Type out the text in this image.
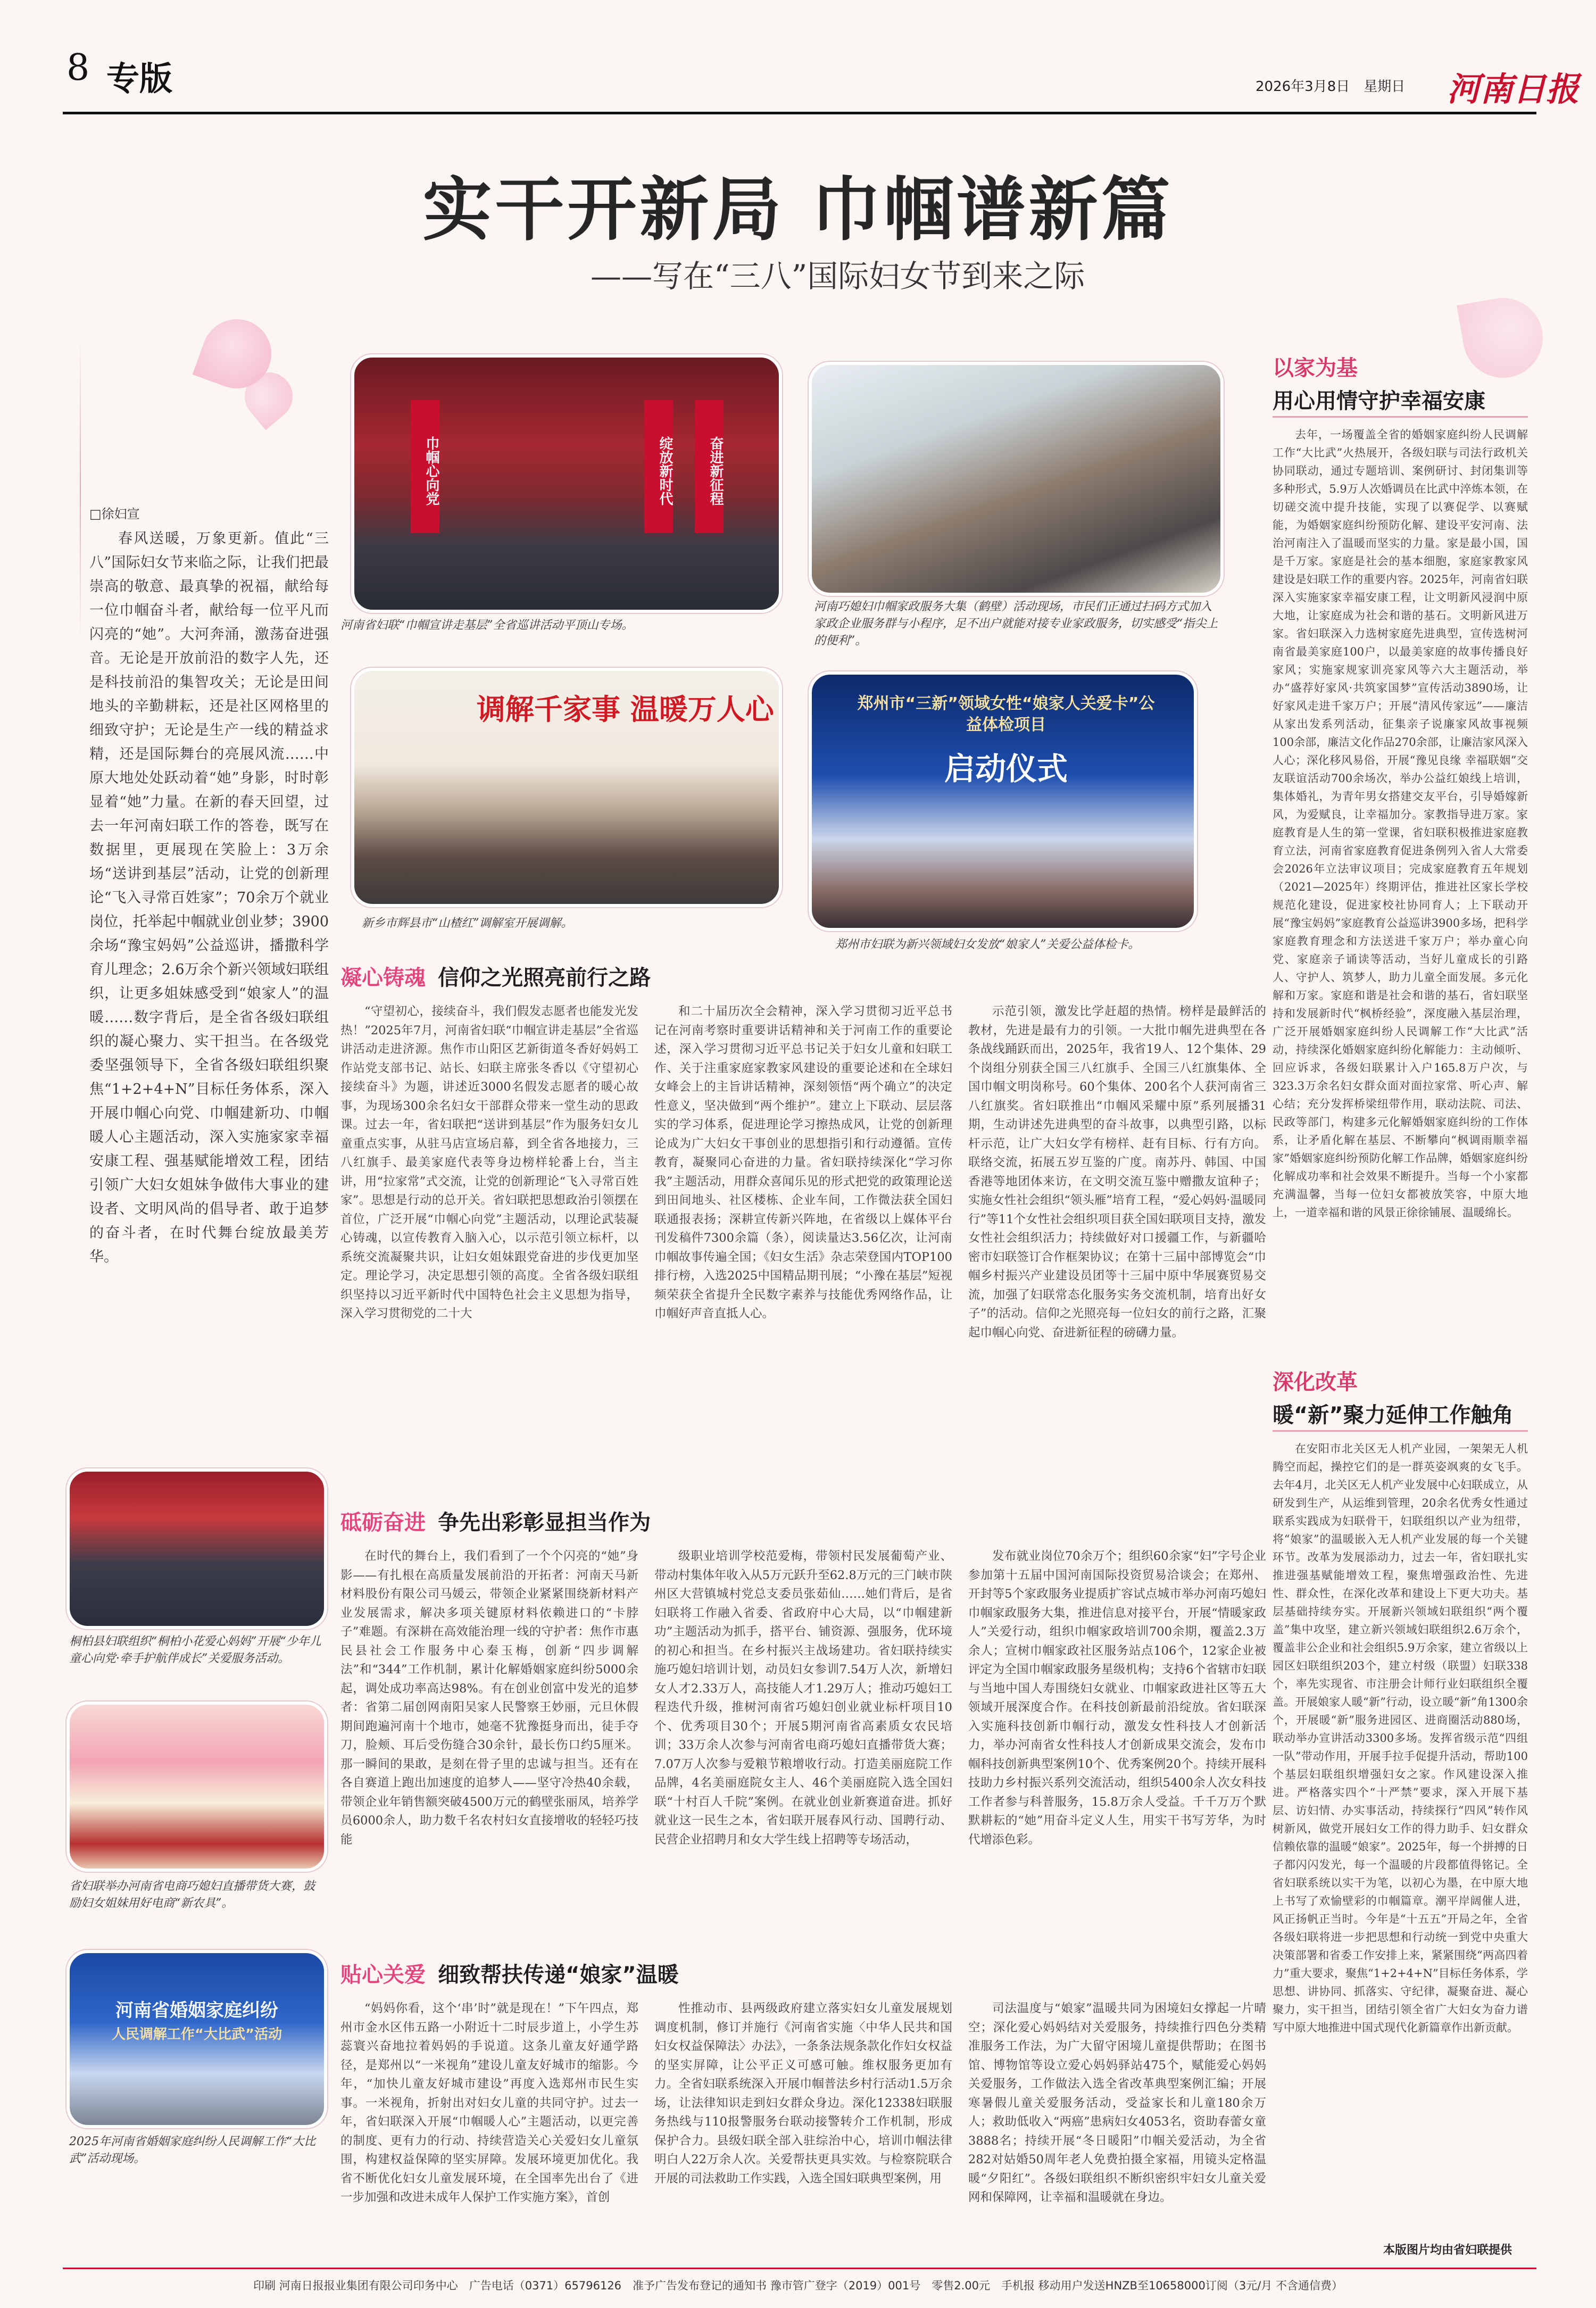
8 专版	2026年3月8日　星期日 河南日报
实干开新局 巾帼谱新篇
——写在“三八”国际妇女节到来之际
□徐妇宣

春风送暖，万象更新。值此“三八”国际妇女节来临之际，让我们把最崇高的敬意、最真挚的祝福，献给每一位巾帼奋斗者，献给每一位平凡而闪亮的“她”。大河奔涌，激荡奋进强音。无论是开放前沿的数字人先，还是科技前沿的集智攻关；无论是田间地头的辛勤耕耘，还是社区网格里的细致守护；无论是生产一线的精益求精，还是国际舞台的亮展风流……中原大地处处跃动着“她”身影，时时彰显着“她”力量。在新的春天回望，过去一年河南妇联工作的答卷，既写在数据里，更展现在笑脸上：3万余场“送讲到基层”活动，让党的创新理论“飞入寻常百姓家”；70余万个就业岗位，托举起中帼就业创业梦；3900余场“豫宝妈妈”公益巡讲，播撒科学育儿理念；2.6万余个新兴领域妇联组织，让更多姐妹感受到“娘家人”的温暖……数字背后，是全省各级妇联组织的凝心聚力、实干担当。在各级党委坚强领导下，全省各级妇联组织聚焦“1+2+4+N”目标任务体系，深入开展巾帼心向党、巾帼建新功、巾帼暖人心主题活动，深入实施家家幸福安康工程、强基赋能增效工程，团结引领广大妇女姐妹争做伟大事业的建设者、文明风尚的倡导者、敢于追梦的奋斗者，在时代舞台绽放最美芳华。

巾帼心向党	绽放新时代	奋进新征程
河南省妇联“巾帼宣讲走基层”全省巡讲活动平顶山专场。
河南巧媳妇巾帼家政服务大集（鹤壁）活动现场，市民们正通过扫码方式加入家政企业服务群与小程序，足不出户就能对接专业家政服务，切实感受“指尖上的便利”。
调解千家事 温暖万人心
新乡市辉县市“山楂红”调解室开展调解。
郑州市“三新”领域女性“娘家人关爱卡”公益体检项目
启动仪式
郑州市妇联为新兴领域妇女发放“娘家人”关爱公益体检卡。
凝心铸魂 信仰之光照亮前行之路

“守望初心，接续奋斗，我们假发志愿者也能发光发热！”2025年7月，河南省妇联“巾帼宣讲走基层”全省巡讲活动走进济源。焦作市山阳区艺新街道冬香好妈妈工作站党支部书记、站长、妇联主席张冬香以《守望初心 接续奋斗》为题，讲述近3000名假发志愿者的暖心故事，为现场300余名妇女干部群众带来一堂生动的思政课。过去一年，省妇联把“送讲到基层”作为服务妇女儿童重点实事，从驻马店宣场启幕，到全省各地接力，三八红旗手、最美家庭代表等身边榜样轮番上台，当主讲，用“拉家常”式交流，让党的创新理论“飞入寻常百姓家”。思想是行动的总开关。省妇联把思想政治引领摆在首位，广泛开展“巾帼心向党”主题活动，以理论武装凝心铸魂，以宣传教育入脑入心，以示范引领立标杆，以系统交流凝聚共识，让妇女姐妹跟党奋进的步伐更加坚定。理论学习，决定思想引领的高度。全省各级妇联组织坚持以习近平新时代中国特色社会主义思想为指导，深入学习贯彻党的二十大

和二十届历次全会精神，深入学习贯彻习近平总书记在河南考察时重要讲话精神和关于河南工作的重要论述，深入学习贯彻习近平总书记关于妇女儿童和妇联工作、关于注重家庭家教家风建设的重要论述和在全球妇女峰会上的主旨讲话精神，深刻领悟“两个确立”的决定性意义，坚决做到“两个维护”。建立上下联动、层层落实的学习体系，促进理论学习擦热成风，让党的创新理论成为广大妇女干事创业的思想指引和行动遵循。宣传教育，凝聚同心奋进的力量。省妇联持续深化“学习你我”主题活动，用群众喜闻乐见的形式把党的政策理论送到田间地头、社区楼栋、企业车间，工作微法获全国妇联通报表扬；深耕宣传新兴阵地，在省级以上媒体平台刊发稿件7300余篇（条），阅读量达3.56亿次，让河南巾帼故事传遍全国；《妇女生活》杂志荣登国内TOP100排行榜，入选2025中国精品期刊展；“小豫在基层”短视频荣获全省提升全民数字素养与技能优秀网络作品，让巾帼好声音直抵人心。

示范引领，激发比学赶超的热情。榜样是最鲜活的教材，先进是最有力的引领。一大批巾帼先进典型在各条战线踊跃而出，2025年，我省19人、12个集体、29个岗组分别获全国三八红旗手、全国三八红旗集体、全国巾帼文明岗称号。60个集体、200名个人获河南省三八红旗奖。省妇联推出“巾帼风采耀中原”系列展播31期，生动讲述先进典型的奋斗故事，以典型引路，以标杆示范，让广大妇女学有榜样、赶有目标、行有方向。联络交流，拓展五岁互鉴的广度。南苏丹、韩国、中国香港等地团体来访，在文明交流互鉴中赠撒友谊种子；实施女性社会组织“领头雁”培育工程，“爱心妈妈·温暖同行”等11个女性社会组织项目获全国妇联项目支持，激发女性社会组织活力；持续做好对口援疆工作，与新疆哈密市妇联签订合作框架协议；在第十三届中部博览会“巾帼乡村振兴产业建设员团等十三届中原中华展赛贸易交流，加强了妇联常态化服务实务交流机制，培育出好女子”的活动。信仰之光照亮每一位妇女的前行之路，汇聚起巾帼心向党、奋进新征程的磅礴力量。

砥砺奋进 争先出彩彰显担当作为

在时代的舞台上，我们看到了一个个闪亮的“她”身影——有扎根在高质量发展前沿的开拓者：河南天马新材料股份有限公司马媛云，带领企业紧紧围绕新材料产业发展需求，解决多项关键原材料依赖进口的“卡脖子”难题。有深耕在高效能治理一线的守护者：焦作市惠民县社会工作服务中心秦玉梅，创新“四步调解法”和“344”工作机制，累计化解婚姻家庭纠纷5000余起，调处成功率高达98%。有在创业创富中发光的追梦者：省第二届创网南阳吴家人民警察王妙丽，元旦休假期间跑遍河南十个地市，她毫不犹豫挺身而出，徒手夺刀，脸颊、耳后受伤缝合30余针，最长伤口约5厘米。那一瞬间的果敢，是刻在骨子里的忠诚与担当。还有在各自赛道上跑出加速度的追梦人——坚守冷热40余载，带领企业年销售额突破4500万元的鹤壁张丽凤，培养学员6000余人，助力数千名农村妇女直接增收的轻轻巧技能

级职业培训学校范爱梅，带领村民发展葡萄产业、带动村集体年收入从5万元跃升至62.8万元的三门峡市陕州区大营镇城村党总支委员张茹仙……她们背后，是省妇联将工作融入省委、省政府中心大局，以“巾帼建新功”主题活动为抓手，搭平台、铺资源、强服务，优环境的初心和担当。在乡村振兴主战场建功。省妇联持续实施巧媳妇培训计划，动员妇女参训7.54万人次，新增妇女人才2.33万人，高技能人才1.29万人；推动巧媳妇工程迭代升级，推树河南省巧媳妇创业就业标杆项目10个、优秀项目30个；开展5期河南省高素质女农民培训；33万余人次参与河南省电商巧媳妇直播带货大赛；7.07万人次参与爱粮节粮增收行动。打造美丽庭院工作品牌，4名美丽庭院女主人、46个美丽庭院入选全国妇联“十村百人千院”案例。在就业创业新赛道奋进。抓好就业这一民生之本，省妇联开展春风行动、国聘行动、民营企业招聘月和女大学生线上招聘等专场活动，

发布就业岗位70余万个；组织60余家“妇”字号企业参加第十五届中国河南国际投资贸易洽谈会；在郑州、开封等5个家政服务业提质扩容试点城市举办河南巧媳妇巾帼家政服务大集，推进信息对接平台，开展“情暖家政人”关爱行动，组织巾帼家政培训700余期，覆盖2.3万余人；宣树巾帼家政社区服务站点106个，12家企业被评定为全国巾帼家政服务星级机构；支持6个省辖市妇联与当地中国人寿围绕妇女就业、巾帼家政进社区等五大领域开展深度合作。在科技创新最前沿绽放。省妇联深入实施科技创新巾帼行动，激发女性科技人才创新活力，举办河南省女性科技人才创新成果交流会，发布巾帼科技创新典型案例10个、优秀案例20个。持续开展科技助力乡村振兴系列交流活动，组织5400余人次女科技工作者参与科普服务，15.8万余人受益。千千万万个默默耕耘的“她”用奋斗定义人生，用实干书写芳华，为时代增添色彩。

贴心关爱 细致帮扶传递“娘家”温暖

“妈妈你看，这个‘串’时”就是现在！”下午四点，郑州市金水区伟五路一小附近十二时辰步道上，小学生苏蕊寰兴奋地拉着妈妈的手说道。这条儿童友好通学路径，是郑州以“一米视角”建设儿童友好城市的缩影。今年，“加快儿童友好城市建设”再度入选郑州市民生实事。一米视角，折射出对妇女儿童的共同守护。过去一年，省妇联深入开展“巾帼暖人心”主题活动，以更完善的制度、更有力的行动、持续营造关心关爱妇女儿童氛围，构建权益保障的坚实屏障。发展环境更加优化。我省不断优化妇女儿童发展环境，在全国率先出台了《进一步加强和改进未成年人保护工作实施方案》，首创

性推动市、县两级政府建立落实妇女儿童发展规划调度机制，修订并施行《河南省实施〈中华人民共和国妇女权益保障法〉办法》，一条条法规条款化作妇女权益的坚实屏障，让公平正义可感可触。维权服务更加有力。全省妇联系统深入开展巾帼普法乡村行活动1.5万余场，让法律知识走到妇女群众身边。深化12338妇联服务热线与110报警服务台联动接警转介工作机制，形成保护合力。县级妇联全部入驻综治中心，培训巾帼法律明白人22万余人次。关爱帮扶更具实效。与检察院联合开展的司法救助工作实践，入选全国妇联典型案例，用

司法温度与“娘家”温暖共同为困境妇女撑起一片晴空；深化爱心妈妈结对关爱服务，持续推行四色分类精准服务工作法，为广大留守困境儿童提供帮助；在图书馆、博物馆等设立爱心妈妈驿站475个，赋能爱心妈妈关爱服务，工作做法入选全省改革典型案例汇编；开展寒暑假儿童关爱服务活动，受益家长和儿童180余万人；救助低收入“两癌”患病妇女4053名，资助春蕾女童3888名；持续开展“冬日暖阳”巾帼关爱活动，为全省282对姑婚50周年老人免费拍摄全家福，用镜头定格温暖“夕阳红”。各级妇联组织不断织密织牢妇女儿童关爱网和保障网，让幸福和温暖就在身边。

桐柏县妇联组织“桐柏小花爱心妈妈”开展“少年儿童心向党·牵手护航伴成长”关爱服务活动。
省妇联举办河南省电商巧媳妇直播带货大赛，鼓励妇女姐妹用好电商“新农具”。
河南省婚姻家庭纠纷
人民调解工作“大比武”活动
2025年河南省婚姻家庭纠纷人民调解工作“大比武”活动现场。
以家为基
用心用情守护幸福安康

去年，一场覆盖全省的婚姻家庭纠纷人民调解工作“大比武”火热展开，各级妇联与司法行政机关协同联动，通过专题培训、案例研讨、封闭集训等多种形式，5.9万人次婚调员在比武中淬炼本领，在切磋交流中提升技能，实现了以赛促学、以赛赋能，为婚姻家庭纠纷预防化解、建设平安河南、法治河南注入了温暖而坚实的力量。家是最小国，国是千万家。家庭是社会的基本细胞，家庭家教家风建设是妇联工作的重要内容。2025年，河南省妇联深入实施家家幸福安康工程，让文明新风浸润中原大地，让家庭成为社会和谐的基石。文明新风进万家。省妇联深入力选树家庭先进典型，宣传选树河南省最美家庭100户，以最美家庭的故事传播良好家风；实施家规家训亮家风等六大主题活动，举办“盛荐好家风·共筑家国梦”宣传活动3890场，让好家风走进千家万户；开展“清风传家远”——廉洁从家出发系列活动，征集亲子说廉家风故事视频100余部，廉洁文化作品270余部，让廉洁家风深入人心；深化移风易俗，开展“豫见良缘 幸福联姻”交友联谊活动700余场次，举办公益红娘线上培训，集体婚礼，为青年男女搭建交友平台，引导婚嫁新风，为爱赋良，让幸福加分。家教指导进万家。家庭教育是人生的第一堂课，省妇联积极推进家庭教育立法，河南省家庭教育促进条例列入省人大常委会2026年立法审议项目；完成家庭教育五年规划（2021—2025年）终期评估，推进社区家长学校规范化建设，促进家校社协同育人；上下联动开展“豫宝妈妈”家庭教育公益巡讲3900多场，把科学家庭教育理念和方法送进千家万户；举办童心向党、家庭亲子诵读等活动，当好儿童成长的引路人、守护人、筑梦人，助力儿童全面发展。多元化解和万家。家庭和谐是社会和谐的基石，省妇联坚持和发展新时代“枫桥经验”，深度融入基层治理，广泛开展婚姻家庭纠纷人民调解工作“大比武”活动，持续深化婚姻家庭纠纷化解能力：主动倾听、回应诉求，各级妇联累计入户165.8万户次，与323.3万余名妇女群众面对面拉家常、听心声、解心结；充分发挥桥梁纽带作用，联动法院、司法、民政等部门，构建多元化解婚姻家庭纠纷的工作体系，让矛盾化解在基层、不断攀向“枫调雨顺幸福家”婚姻家庭纠纷预防化解工作品牌，婚姻家庭纠纷化解成功率和社会效果不断提升。当每一个小家都充满温馨，当每一位妇女都被放笑容，中原大地上，一道幸福和谐的风景正徐徐铺展、温暖绵长。

深化改革
暖“新”聚力延伸工作触角

在安阳市北关区无人机产业园，一架架无人机腾空而起，操控它们的是一群英姿飒爽的女飞手。去年4月，北关区无人机产业发展中心妇联成立，从研发到生产，从运维到管理，20余名优秀女性通过联系实践成为妇联骨干，妇联组织以产业为纽带，将“娘家”的温暖嵌入无人机产业发展的每一个关键环节。改革为发展添动力，过去一年，省妇联扎实推进强基赋能增效工程，聚焦增强政治性、先进性、群众性，在深化改革和建设上下更大功夫。基层基础持续夯实。开展新兴领域妇联组织“两个覆盖”集中攻坚，建立新兴领域妇联组织2.6万余个，覆盖非公企业和社会组织5.9万余家，建立省级以上园区妇联组织203个，建立村级（联盟）妇联338个，率先实现省、市注册会计师行业妇联组织全覆盖。开展娘家人暖“新”行动，设立暖“新”角1300余个，开展暖“新”服务进园区、进商圈活动880场，联动举办宣讲活动3300多场。发挥省级示范“四组一队”带动作用，开展手拉手促提升活动，帮助100个基层妇联组织增强妇女之家。作风建设深入推进。严格落实四个“十严禁”要求，深入开展下基层、访妇情、办实事活动，持续探行“四风”转作风树新风，做党开展妇女工作的得力助手、妇女群众信赖依靠的温暖“娘家”。2025年，每一个拼搏的日子都闪闪发光，每一个温暖的片段都值得铭记。全省妇联系统以实干为笔，以初心为墨，在中原大地上书写了欢愉壁彩的巾帼篇章。潮平岸阔催人进，风正扬帆正当时。今年是“十五五”开局之年，全省各级妇联将进一步把思想和行动统一到党中央重大决策部署和省委工作安排上来，紧紧围绕“两高四着力”重大要求，聚焦“1+2+4+N”目标任务体系，学思想、讲协同、抓落实、守纪律，凝聚奋进、凝心聚力，实干担当，团结引领全省广大妇女为奋力谱写中原大地推进中国式现代化新篇章作出新贡献。

本版图片均由省妇联提供
印刷 河南日报报业集团有限公司印务中心　广告电话（0371）65796126　准予广告发布登记的通知书 豫市管广登字（2019）001号　零售2.00元　手机报 移动用户发送HNZB至10658000订阅（3元/月 不含通信费）
